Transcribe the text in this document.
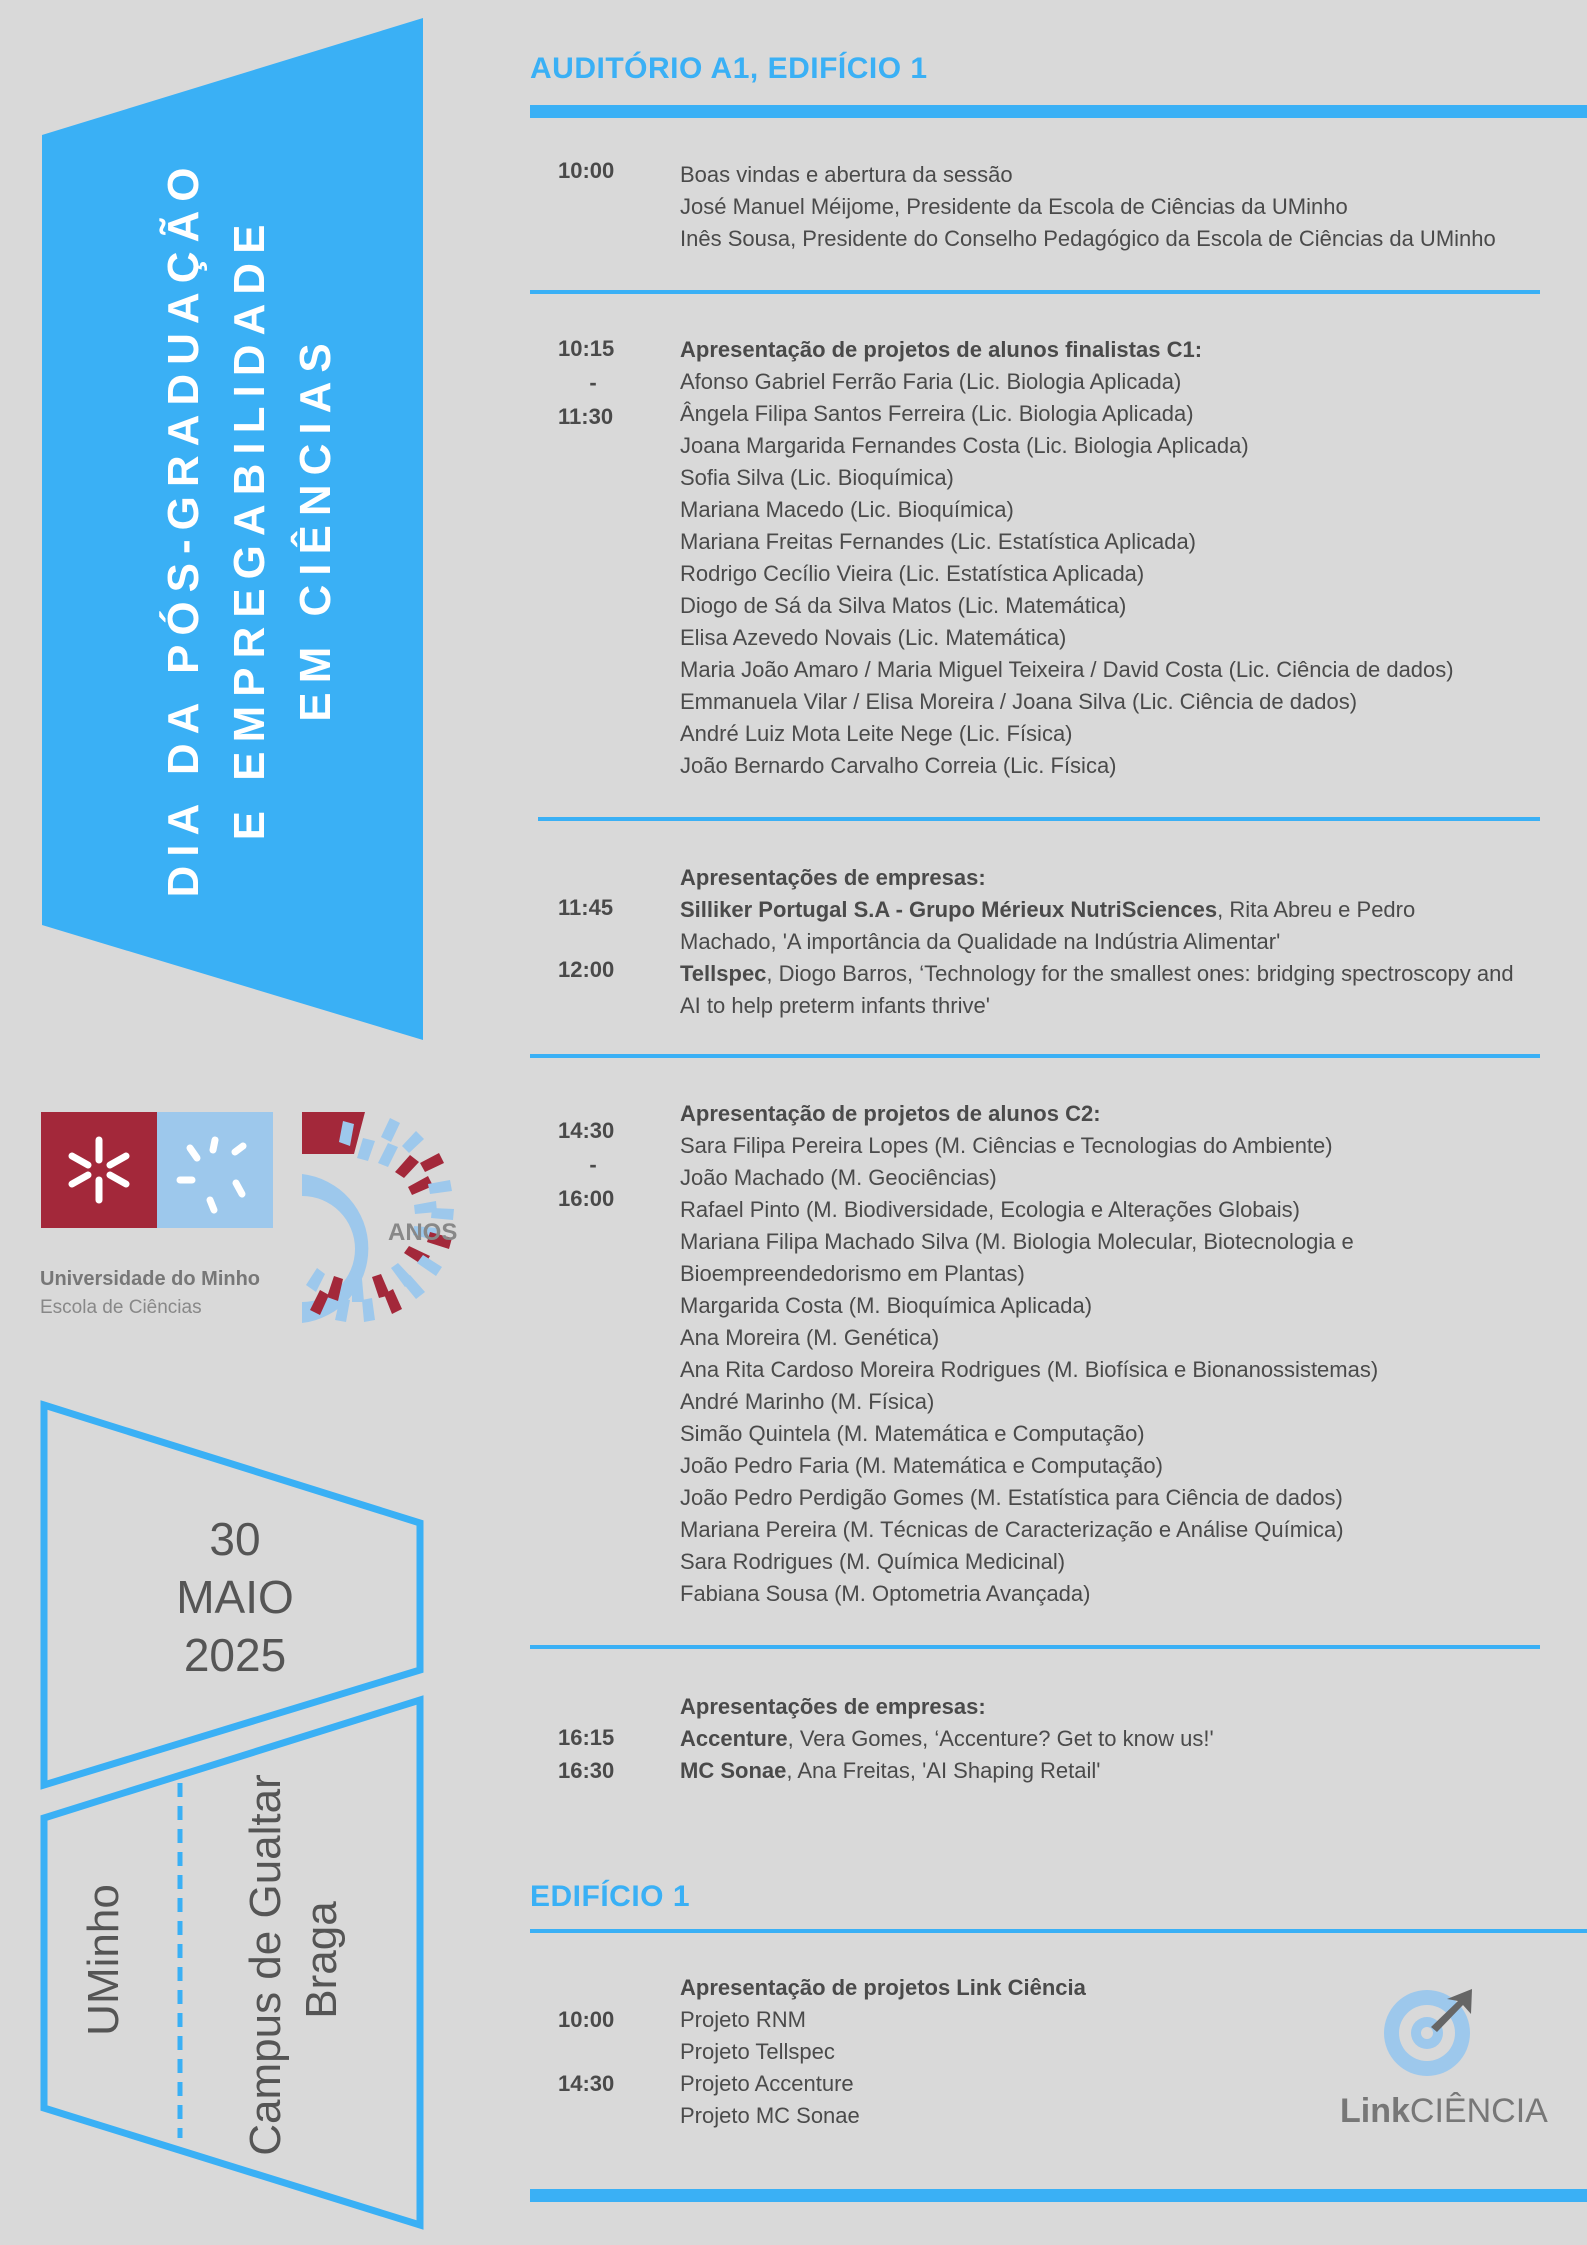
DIA DA PÓS-GRADUAÇÃO E EMPREGABILIDADE EM CIÊNCIAS
Universidade do Minho
Escola de Ciências
ANOS
30
MAIO
2025
UMinho	Campus de Gualtar Braga
AUDITÓRIO A1, EDIFÍCIO 1
10:00	Boas vindas e abertura da sessão
José Manuel Méijome, Presidente da Escola de Ciências da UMinho
Inês Sousa, Presidente do Conselho Pedagógico da Escola de Ciências da UMinho
10:15
-
11:30
Apresentação de projetos de alunos finalistas C1:
Afonso Gabriel Ferrão Faria (Lic. Biologia Aplicada)
Ângela Filipa Santos Ferreira (Lic. Biologia Aplicada)
Joana Margarida Fernandes Costa (Lic. Biologia Aplicada)
Sofia Silva (Lic. Bioquímica)
Mariana Macedo (Lic. Bioquímica)
Mariana Freitas Fernandes (Lic. Estatística Aplicada)
Rodrigo Cecílio Vieira (Lic. Estatística Aplicada)
Diogo de Sá da Silva Matos (Lic. Matemática)
Elisa Azevedo Novais (Lic. Matemática)
Maria João Amaro / Maria Miguel Teixeira / David Costa (Lic. Ciência de dados)
Emmanuela Vilar / Elisa Moreira / Joana Silva (Lic. Ciência de dados)
André Luiz Mota Leite Nege (Lic. Física)
João Bernardo Carvalho Correia (Lic. Física)
Apresentações de empresas:
Silliker Portugal S.A - Grupo Mérieux NutriSciences, Rita Abreu e Pedro
Machado, 'A importância da Qualidade na Indústria Alimentar'
Tellspec, Diogo Barros, ‘Technology for the smallest ones: bridging spectroscopy and
AI to help preterm infants thrive'
11:45
12:00
14:30
-
16:00
Apresentação de projetos de alunos C2:
Sara Filipa Pereira Lopes (M. Ciências e Tecnologias do Ambiente)
João Machado (M. Geociências)
Rafael Pinto (M. Biodiversidade, Ecologia e Alterações Globais)
Mariana Filipa Machado Silva (M. Biologia Molecular, Biotecnologia e
Bioempreendedorismo em Plantas)
Margarida Costa (M. Bioquímica Aplicada)
Ana Moreira (M. Genética)
Ana Rita Cardoso Moreira Rodrigues (M. Biofísica e Bionanossistemas)
André Marinho (M. Física)
Simão Quintela (M. Matemática e Computação)
João Pedro Faria (M. Matemática e Computação)
João Pedro Perdigão Gomes (M. Estatística para Ciência de dados)
Mariana Pereira (M. Técnicas de Caracterização e Análise Química)
Sara Rodrigues (M. Química Medicinal)
Fabiana Sousa (M. Optometria Avançada)
Apresentações de empresas:
Accenture, Vera Gomes, ‘Accenture? Get to know us!'
MC Sonae, Ana Freitas, 'AI Shaping Retail'
16:15
16:30
EDIFÍCIO 1
Apresentação de projetos Link Ciência
Projeto RNM
Projeto Tellspec
Projeto Accenture
Projeto MC Sonae
10:00
14:30
LinkCIÊNCIA
